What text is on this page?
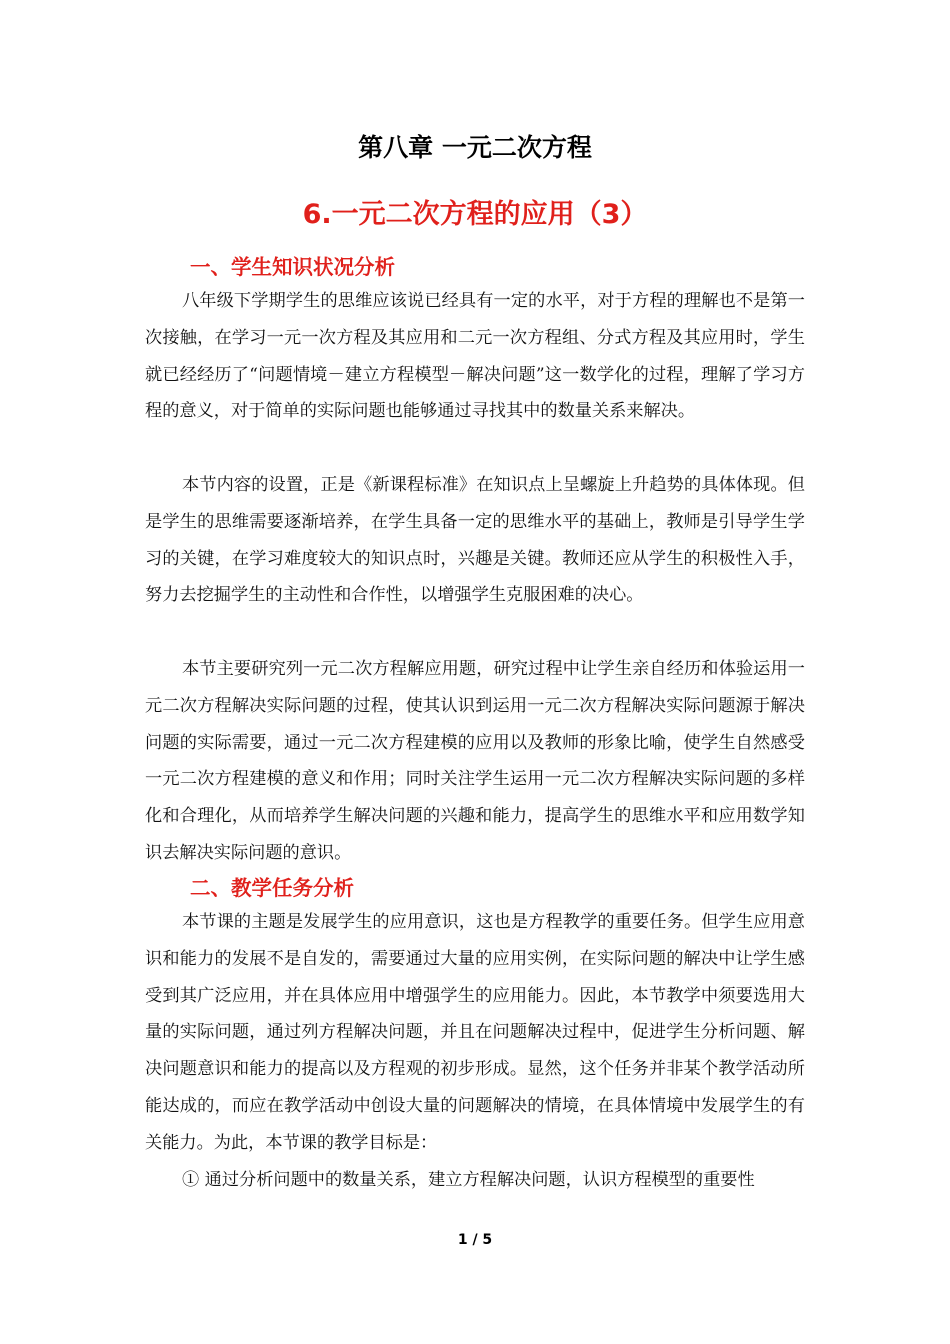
第八章 一元二次方程
6.一元二次方程的应用（3）
一、学生知识状况分析

八年级下学期学生的思维应该说已经具有一定的水平，对于方程的理解也不是第一次接触，在学习一元一次方程及其应用和二元一次方程组、分式方程及其应用时，学生就已经经历了“问题情境－建立方程模型－解决问题”这一数学化的过程，理解了学习方程的意义，对于简单的实际问题也能够通过寻找其中的数量关系来解决。

本节内容的设置，正是《新课程标准》在知识点上呈螺旋上升趋势的具体体现。但是学生的思维需要逐渐培养，在学生具备一定的思维水平的基础上，教师是引导学生学习的关键，在学习难度较大的知识点时，兴趣是关键。教师还应从学生的积极性入手，努力去挖掘学生的主动性和合作性，以增强学生克服困难的决心。

本节主要研究列一元二次方程解应用题，研究过程中让学生亲自经历和体验运用一元二次方程解决实际问题的过程，使其认识到运用一元二次方程解决实际问题源于解决问题的实际需要，通过一元二次方程建模的应用以及教师的形象比喻，使学生自然感受一元二次方程建模的意义和作用；同时关注学生运用一元二次方程解决实际问题的多样化和合理化，从而培养学生解决问题的兴趣和能力，提高学生的思维水平和应用数学知识去解决实际问题的意识。

二、教学任务分析

本节课的主题是发展学生的应用意识，这也是方程教学的重要任务。但学生应用意识和能力的发展不是自发的，需要通过大量的应用实例，在实际问题的解决中让学生感受到其广泛应用，并在具体应用中增强学生的应用能力。因此，本节教学中须要选用大量的实际问题，通过列方程解决问题，并且在问题解决过程中，促进学生分析问题、解决问题意识和能力的提高以及方程观的初步形成。显然，这个任务并非某个教学活动所能达成的，而应在教学活动中创设大量的问题解决的情境，在具体情境中发展学生的有关能力。为此，本节课的教学目标是：

① 通过分析问题中的数量关系，建立方程解决问题，认识方程模型的重要性

1 / 5
